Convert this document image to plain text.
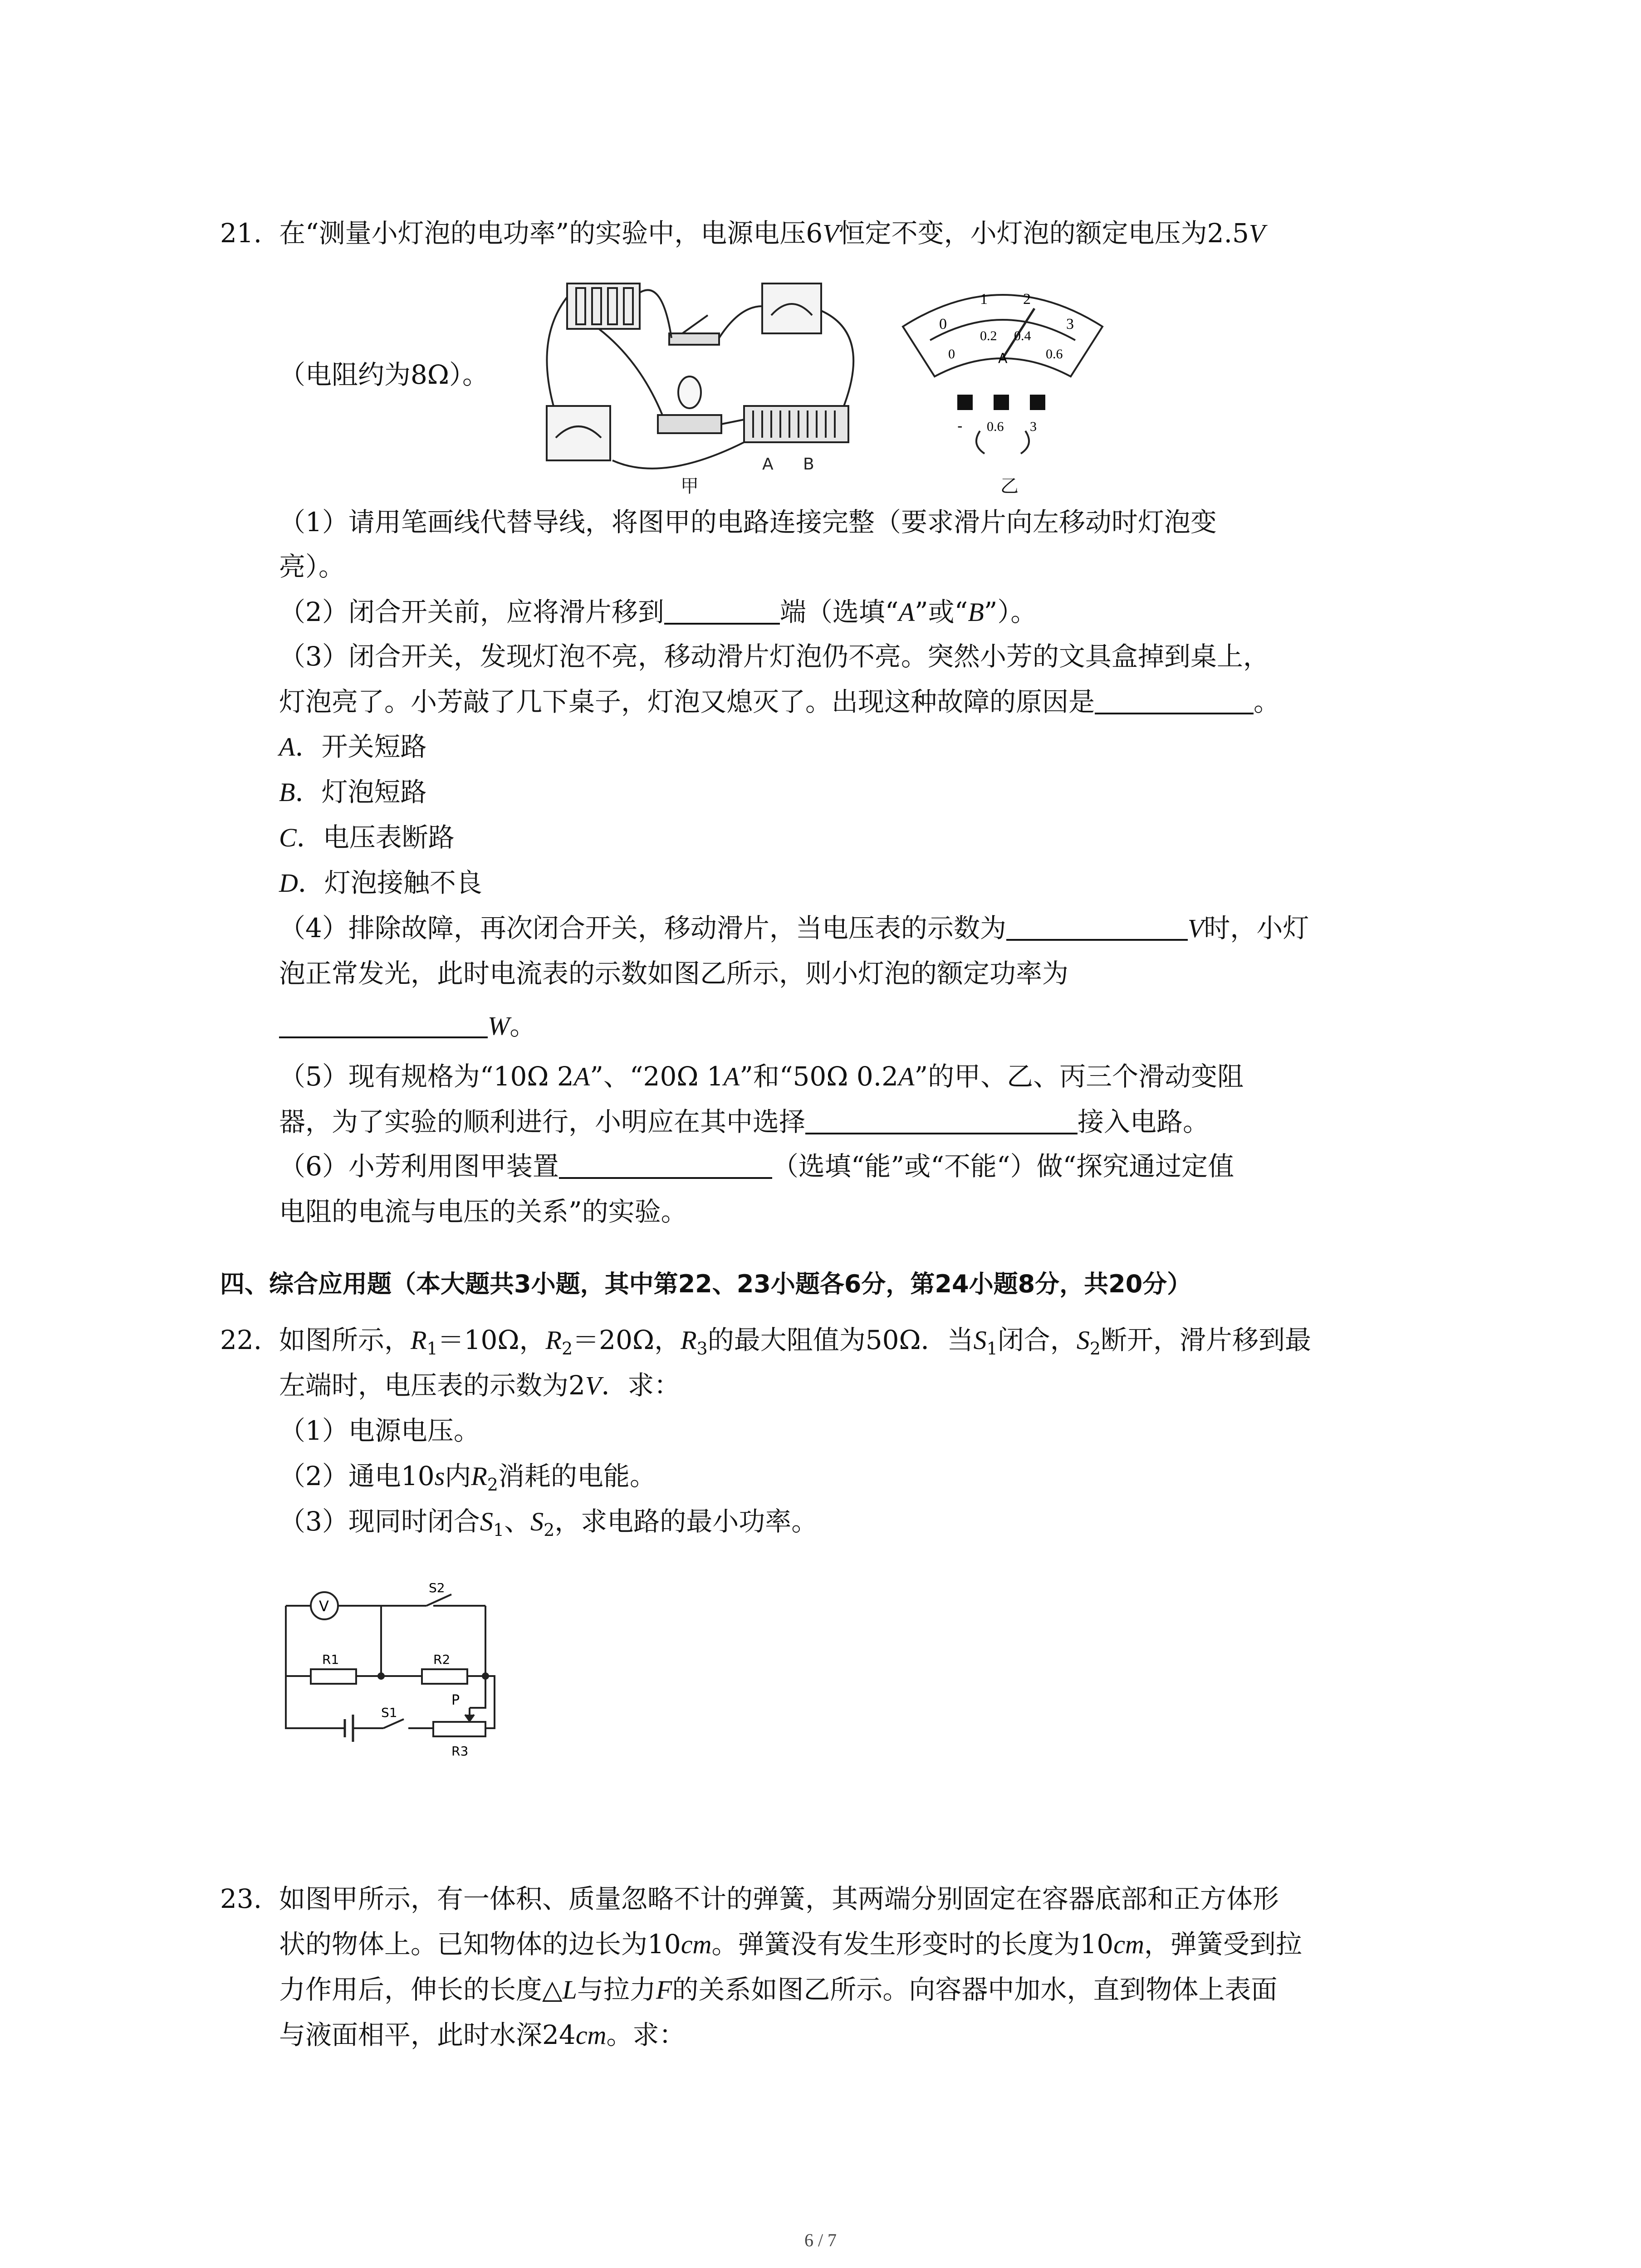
21. 在“测量小灯泡的电功率”的实验中，电源电压6V恒定不变，小灯泡的额定电压为2.5V
（电阻约为8Ω）。
A B
甲
0
1 2
3
0
0.2 0.4
0.6
A
- 0.6 3
乙
（1）请用笔画线代替导线，将图甲的电路连接完整（要求滑片向左移动时灯泡变
亮）。
（2）闭合开关前，应将滑片移到	端（选填“A”或“B”）。
（3）闭合开关，发现灯泡不亮，移动滑片灯泡仍不亮。突然小芳的文具盒掉到桌上，
灯泡亮了。小芳敲了几下桌子，灯泡又熄灭了。出现这种故障的原因是	。
A．开关短路
B．灯泡短路
C．电压表断路
D．灯泡接触不良
（4）排除故障，再次闭合开关，移动滑片，当电压表的示数为	V时，小灯
泡正常发光，此时电流表的示数如图乙所示，则小灯泡的额定功率为
W。
（5）现有规格为“10Ω 2A”、“20Ω 1A”和“50Ω 0.2A”的甲、乙、丙三个滑动变阻
器，为了实验的顺利进行，小明应在其中选择	接入电路。
（6）小芳利用图甲装置	（选填“能”或“不能“）做“探究通过定值
电阻的电流与电压的关系”的实验。
四、综合应用题（本大题共3小题，其中第22、23小题各6分，第24小题8分，共20分）
22. 如图所示，$R_1=10\Omega$，$R_2=20\Omega$，$R_3$的最大阻值为50Ω．当$S_1$闭合，$S_2$断开，滑片移到最
左端时，电压表的示数为2V．求：
（1）电源电压。
（2）通电10s内$R_2$消耗的电能。
（3）现同时闭合$S_1$、$S_2$，求电路的最小功率。
V
S2
R1	R2
S1
P
R3
23. 如图甲所示，有一体积、质量忽略不计的弹簧，其两端分别固定在容器底部和正方体形
状的物体上。已知物体的边长为10cm。弹簧没有发生形变时的长度为10cm，弹簧受到拉
力作用后，伸长的长度△L与拉力F的关系如图乙所示。向容器中加水，直到物体上表面
与液面相平，此时水深24cm。求：
6 / 7
